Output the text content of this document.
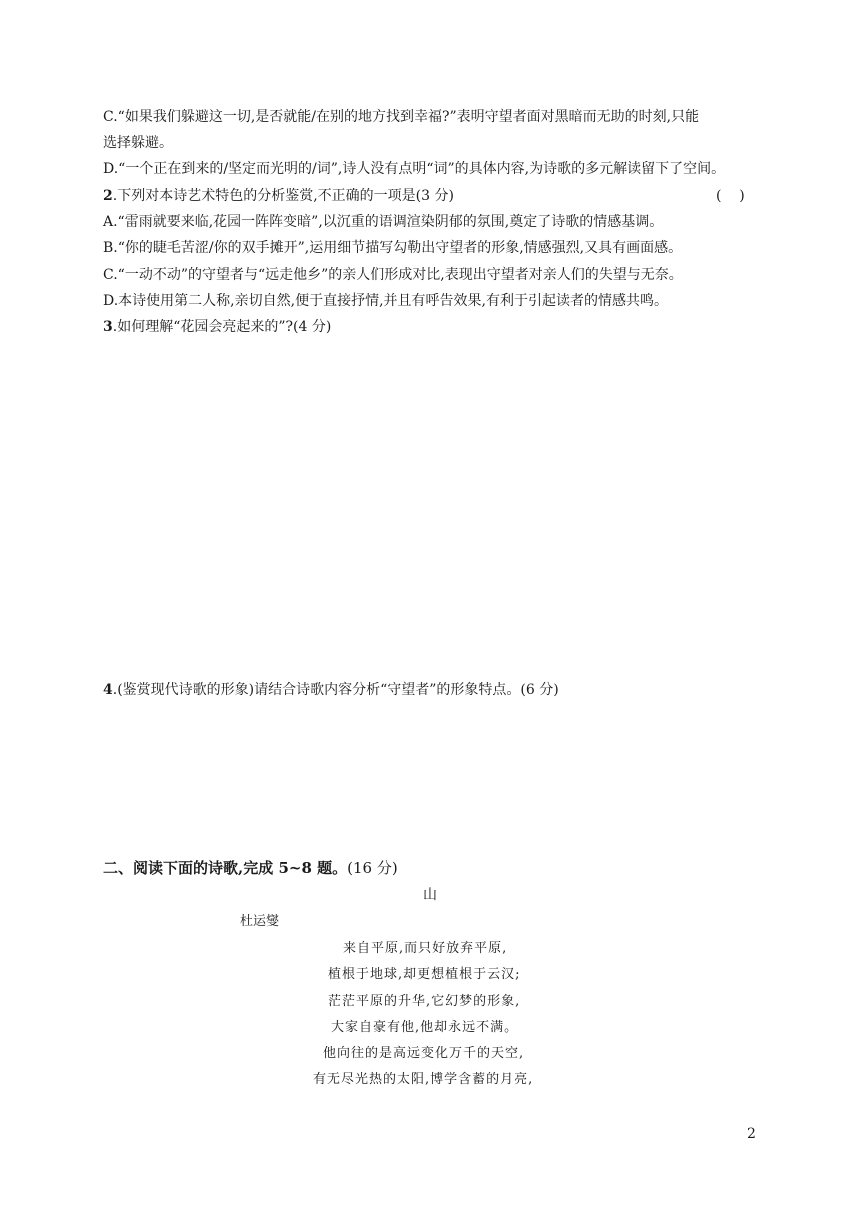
C.“如果我们躲避这一切,是否就能/在别的地方找到幸福?”表明守望者面对黑暗而无助的时刻,只能
选择躲避。
D.“一个正在到来的/坚定而光明的/词”,诗人没有点明“词”的具体内容,为诗歌的多元解读留下了空间。
2.下列对本诗艺术特色的分析鉴赏,不正确的一项是(3 分)	(    )
A.“雷雨就要来临,花园一阵阵变暗”,以沉重的语调渲染阴郁的氛围,奠定了诗歌的情感基调。
B.“你的睫毛苦涩/你的双手摊开”,运用细节描写勾勒出守望者的形象,情感强烈,又具有画面感。
C.“一动不动”的守望者与“远走他乡”的亲人们形成对比,表现出守望者对亲人们的失望与无奈。
D.本诗使用第二人称,亲切自然,便于直接抒情,并且有呼告效果,有利于引起读者的情感共鸣。
3.如何理解“花园会亮起来的”?(4 分)
4.(鉴赏现代诗歌的形象)请结合诗歌内容分析“守望者”的形象特点。(6 分)
二、阅读下面的诗歌,完成 5~8 题。(16 分)
山
杜运燮
来自平原,而只好放弃平原,
植根于地球,却更想植根于云汉;
茫茫平原的升华,它幻梦的形象,
大家自豪有他,他却永远不满。
他向往的是高远变化万千的天空,
有无尽光热的太阳,博学含蓄的月亮,
2
